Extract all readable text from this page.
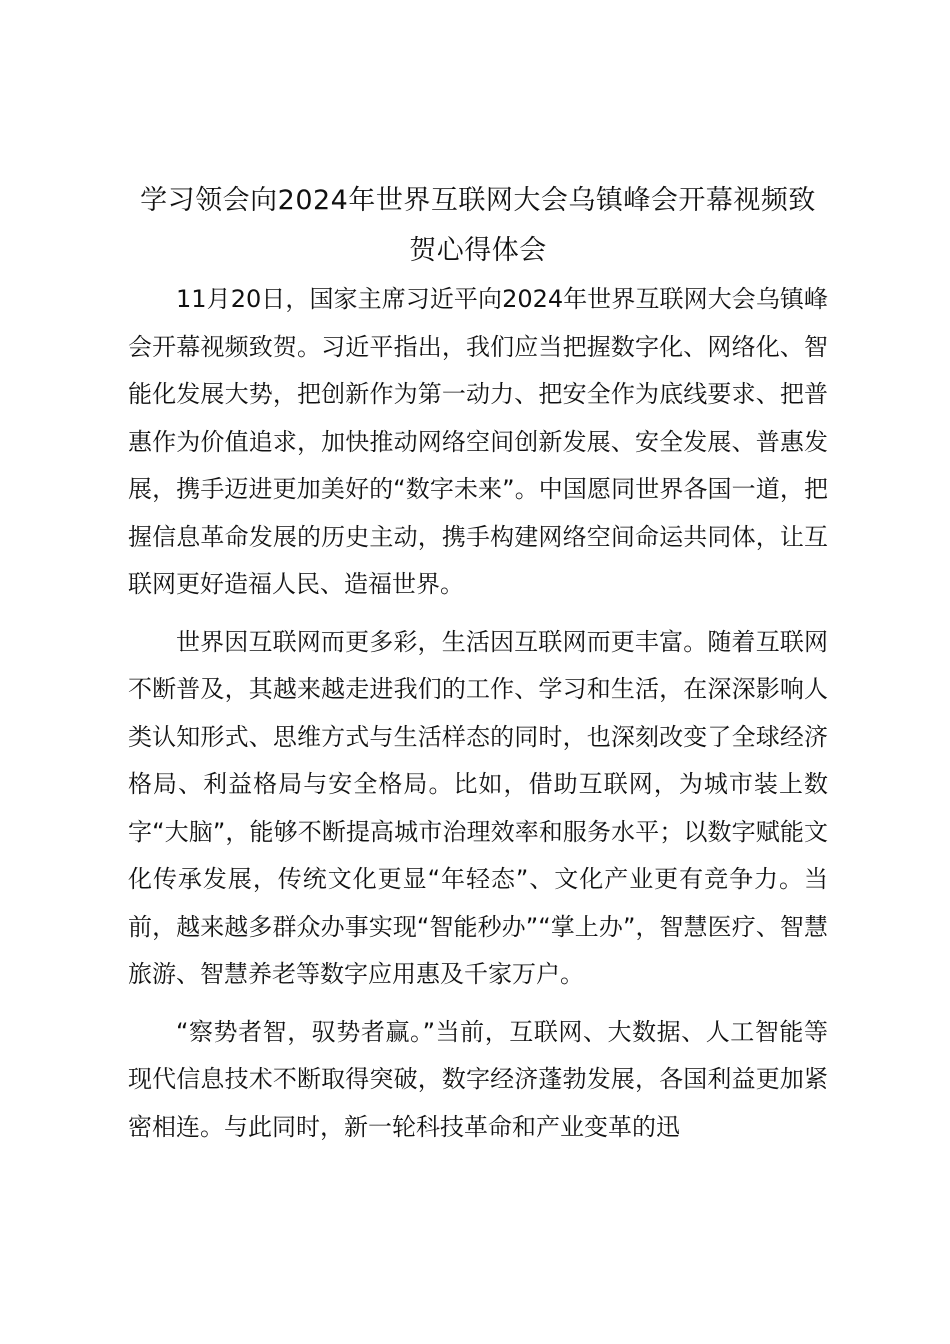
学习领会向2024年世界互联网大会乌镇峰会开幕视频致贺心得体会

11月20日，国家主席习近平向2024年世界互联网大会乌镇峰会开幕视频致贺。习近平指出，我们应当把握数字化、网络化、智能化发展大势，把创新作为第一动力、把安全作为底线要求、把普惠作为价值追求，加快推动网络空间创新发展、安全发展、普惠发展，携手迈进更加美好的“数字未来”。中国愿同世界各国一道，把握信息革命发展的历史主动，携手构建网络空间命运共同体，让互联网更好造福人民、造福世界。

世界因互联网而更多彩，生活因互联网而更丰富。随着互联网不断普及，其越来越走进我们的工作、学习和生活，在深深影响人类认知形式、思维方式与生活样态的同时，也深刻改变了全球经济格局、利益格局与安全格局。比如，借助互联网，为城市装上数字“大脑”，能够不断提高城市治理效率和服务水平；以数字赋能文化传承发展，传统文化更显“年轻态”、文化产业更有竞争力。当前，越来越多群众办事实现“智能秒办”“掌上办”，智慧医疗、智慧旅游、智慧养老等数字应用惠及千家万户。

“察势者智，驭势者赢。”当前，互联网、大数据、人工智能等现代信息技术不断取得突破，数字经济蓬勃发展，各国利益更加紧密相连。与此同时，新一轮科技革命和产业变革的迅
